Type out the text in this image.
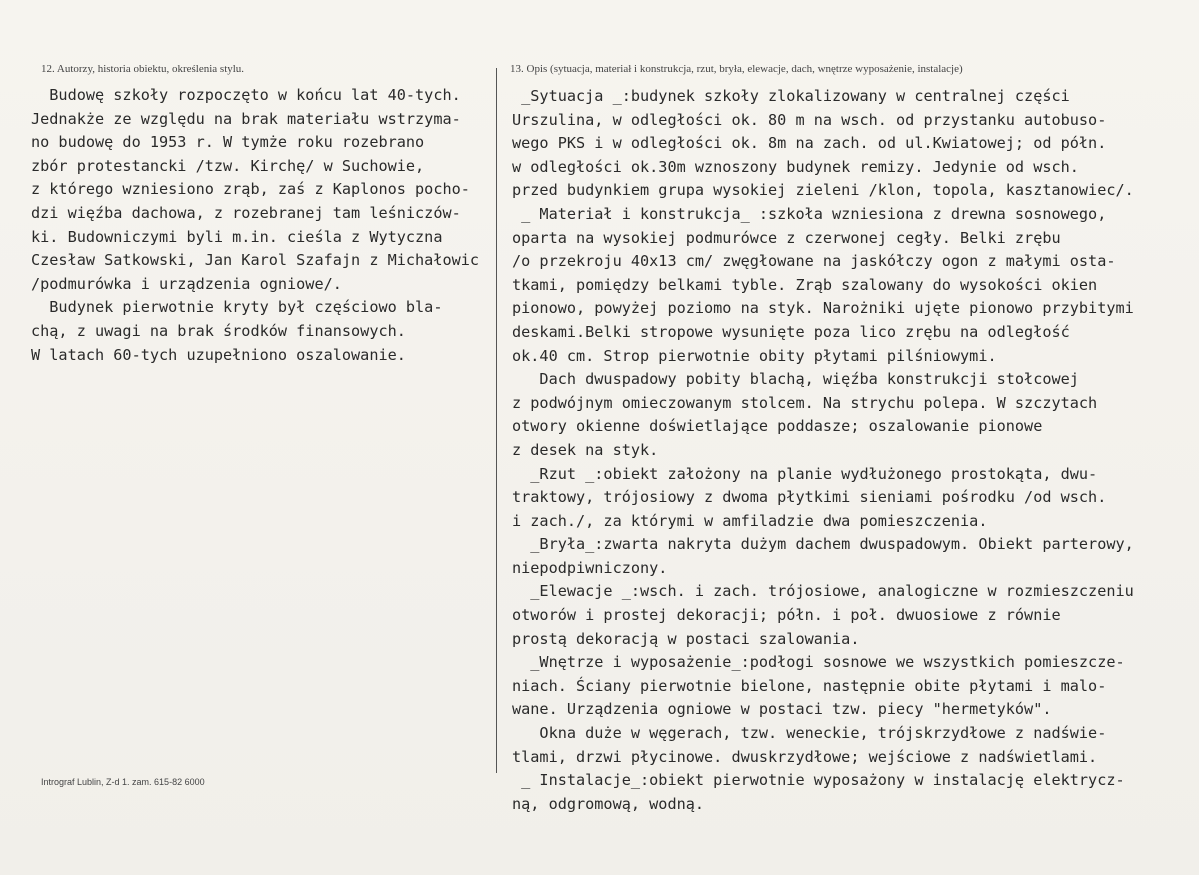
12. Autorzy, historia obiektu, określenia stylu.	13. Opis (sytuacja, materiał i konstrukcja, rzut, bryła, elewacje, dach, wnętrze wyposażenie, instalacje)
Budowę szkoły rozpoczęto w końcu lat 40-tych.
Jednakże ze względu na brak materiału wstrzyma-
no budowę do 1953 r. W tymże roku rozebrano
zbór protestancki /tzw. Kirchę/ w Suchowie,
z którego wzniesiono zrąb, zaś z Kaplonos pocho-
dzi więźba dachowa, z rozebranej tam leśniczów-
ki. Budowniczymi byli m.in. cieśla z Wytyczna
Czesław Satkowski, Jan Karol Szafajn z Michałowic
/podmurówka i urządzenia ogniowe/.
Budynek pierwotnie kryty był częściowo bla-
chą, z uwagi na brak środków finansowych.
W latach 60-tych uzupełniono oszalowanie.
_Sytuacja _:budynek szkoły zlokalizowany w centralnej części
Urszulina, w odległości ok. 80 m na wsch. od przystanku autobuso-
wego PKS i w odległości ok. 8m na zach. od ul.Kwiatowej; od półn.
w odległości ok.30m wznoszony budynek remizy. Jedynie od wsch.
przed budynkiem grupa wysokiej zieleni /klon, topola, kasztanowiec/.
_ Materiał i konstrukcja_ :szkoła wzniesiona z drewna sosnowego,
oparta na wysokiej podmurówce z czerwonej cegły. Belki zrębu
/o przekroju 40x13 cm/ zwęgłowane na jaskółczy ogon z małymi ostа-
tkami, pomiędzy belkami tyble. Zrąb szalowany do wysokości okien
pionowo, powyżej poziomo na styk. Narożniki ujęte pionowo przybitymi
deskami.Belki stropowe wysunięte poza lico zrębu na odległość
ok.40 cm. Strop pierwotnie obity płytami pilśniowymi.
Dach dwuspadowy pobity blachą, więźba konstrukcji stołcowej
z podwójnym omieczowanym stolcem. Na strychu polepa. W szczytach
otwory okienne doświetlające poddasze; oszalowanie pionowe
z desek na styk.
_Rzut _:obiekt założony na planie wydłużonego prostokąta, dwu-
traktowy, trójosiowy z dwoma płytkimi sieniami pośrodku /od wsch.
i zach./, za którymi w amfiladzie dwa pomieszczenia.
_Bryła_:zwarta nakryta dużym dachem dwuspadowym. Obiekt parterowy,
niepodpiwniczony.
_Elewacje _:wsch. i zach. trójosiowe, analogiczne w rozmieszczeniu
otworów i prostej dekoracji; półn. i poł. dwuosiowe z równie
prostą dekoracją w postaci szalowania.
_Wnętrze i wyposażenie_:podłogi sosnowe we wszystkich pomieszcze-
niach. Ściany pierwotnie bielone, następnie obite płytami i malo-
wane. Urządzenia ogniowe w postaci tzw. piecy "hermetyków".
Okna duże w węgerach, tzw. weneckie, trójskrzydłowe z nadświe-
tlami, drzwi płycinowe. dwuskrzydłowe; wejściowe z nadświetlami.
_ Instalacje_:obiekt pierwotnie wyposażony w instalację elektrycz-
ną, odgromową, wodną.
Intrograf Lublin, Z-d 1. zam. 615-82 6000
